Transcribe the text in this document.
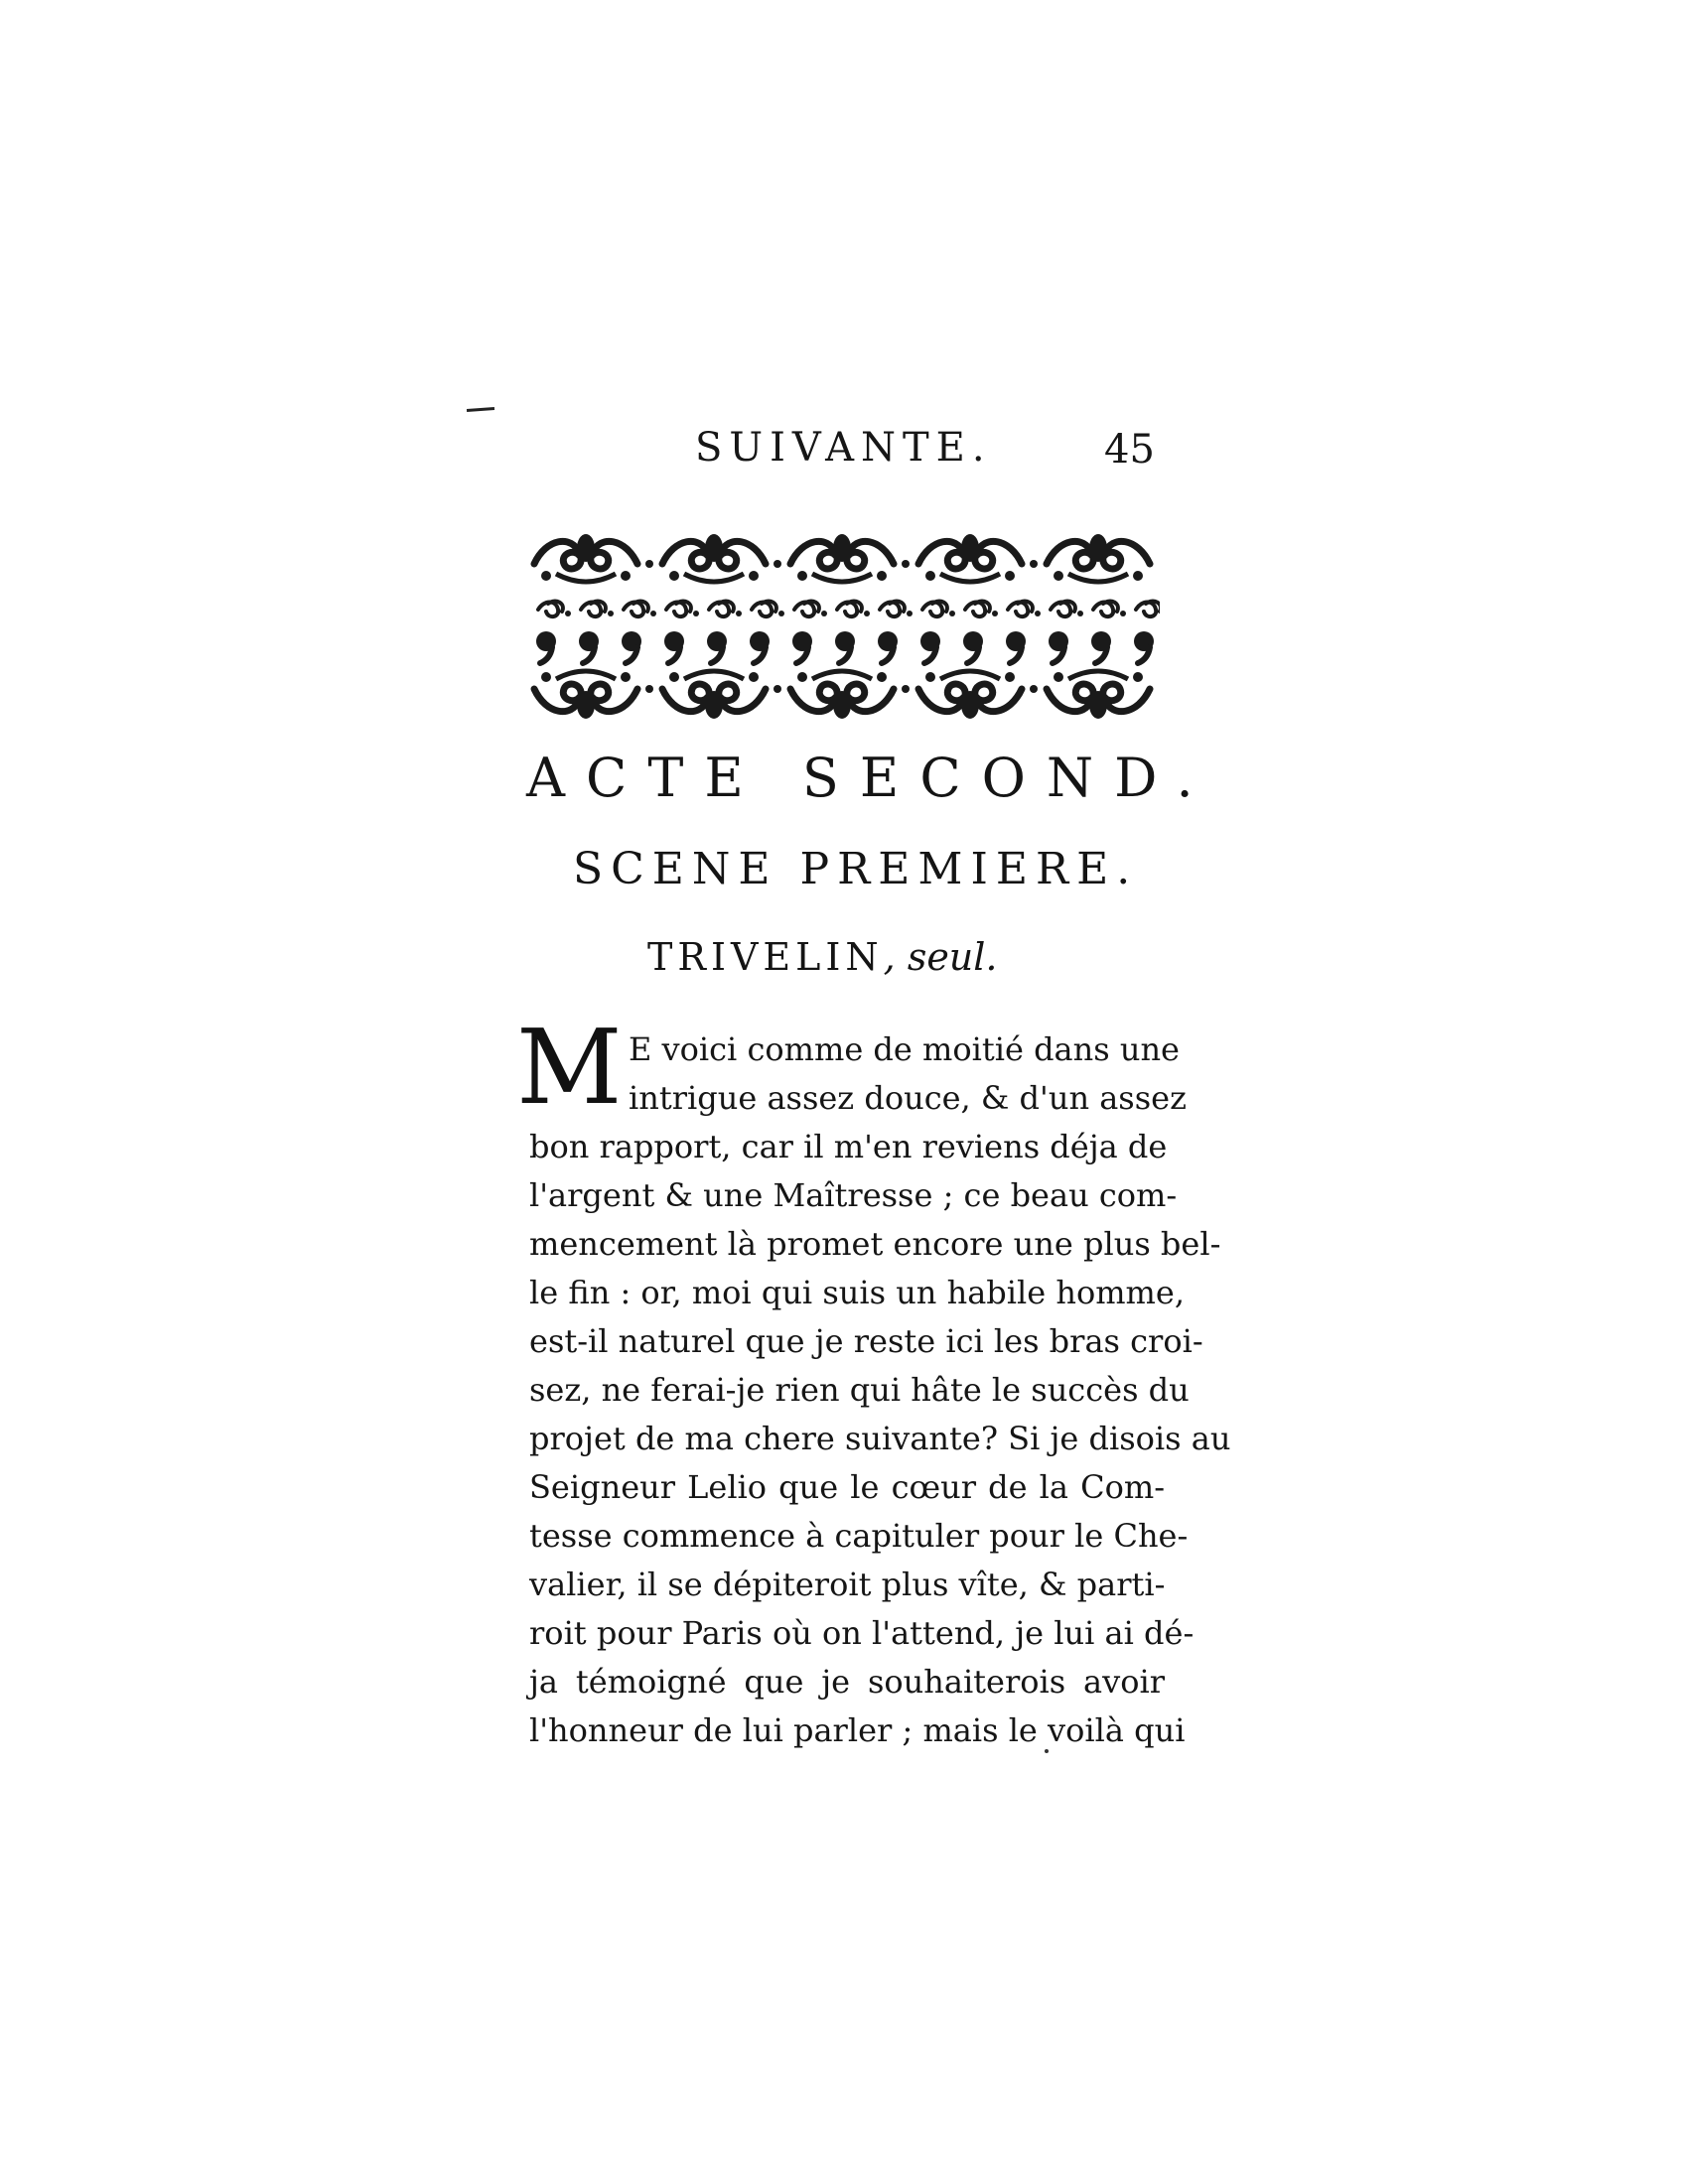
SUIVANTE.	45
ACTE SECOND.
SCENE PREMIERE.
TRIVELIN, seul.
M E voici comme de moitié dans une
intrigue assez douce, & d'un assez
bon rapport, car il m'en reviens déja de
l'argent & une Maîtresse ; ce beau com-
mencement là promet encore une plus bel-
le fin : or, moi qui suis un habile homme,
est-il naturel que je reste ici les bras croi-
sez, ne ferai-je rien qui hâte le succès du
projet de ma chere suivante? Si je disois au
Seigneur Lelio que le cœur de la Com-
tesse commence à capituler pour le Che-
valier, il se dépiteroit plus vîte, & parti-
roit pour Paris où on l'attend, je lui ai dé-
ja témoigné que je souhaiterois avoir
l'honneur de lui parler ; mais le voilà qui
